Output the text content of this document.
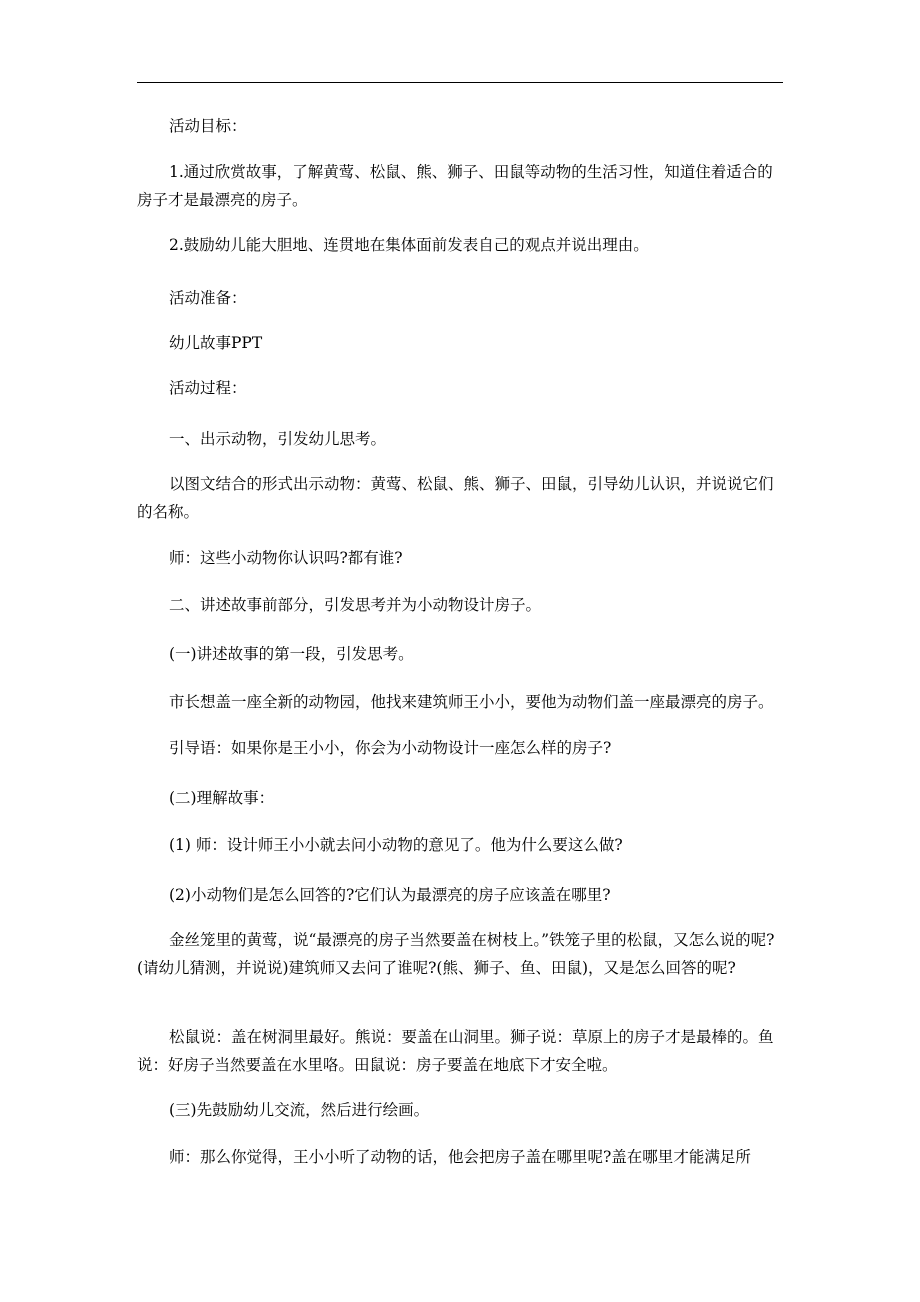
活动目标：

1.通过欣赏故事，了解黄莺、松鼠、熊、狮子、田鼠等动物的生活习性，知道住着适合的房子才是最漂亮的房子。

2.鼓励幼儿能大胆地、连贯地在集体面前发表自己的观点并说出理由。

活动准备：

幼儿故事PPT

活动过程：

一、出示动物，引发幼儿思考。

以图文结合的形式出示动物：黄莺、松鼠、熊、狮子、田鼠，引导幼儿认识，并说说它们的名称。

师：这些小动物你认识吗?都有谁?

二、讲述故事前部分，引发思考并为小动物设计房子。

(一)讲述故事的第一段，引发思考。

市长想盖一座全新的动物园，他找来建筑师王小小，要他为动物们盖一座最漂亮的房子。

引导语：如果你是王小小，你会为小动物设计一座怎么样的房子?

(二)理解故事：

(1) 师：设计师王小小就去问小动物的意见了。他为什么要这么做?

(2)小动物们是怎么回答的?它们认为最漂亮的房子应该盖在哪里?

金丝笼里的黄莺，说“最漂亮的房子当然要盖在树枝上。”铁笼子里的松鼠，又怎么说的呢?(请幼儿猜测，并说说)建筑师又去问了谁呢?(熊、狮子、鱼、田鼠)，又是怎么回答的呢?

松鼠说：盖在树洞里最好。熊说：要盖在山洞里。狮子说：草原上的房子才是最棒的。鱼说：好房子当然要盖在水里咯。田鼠说：房子要盖在地底下才安全啦。

(三)先鼓励幼儿交流，然后进行绘画。

师：那么你觉得，王小小听了动物的话，他会把房子盖在哪里呢?盖在哪里才能满足所
